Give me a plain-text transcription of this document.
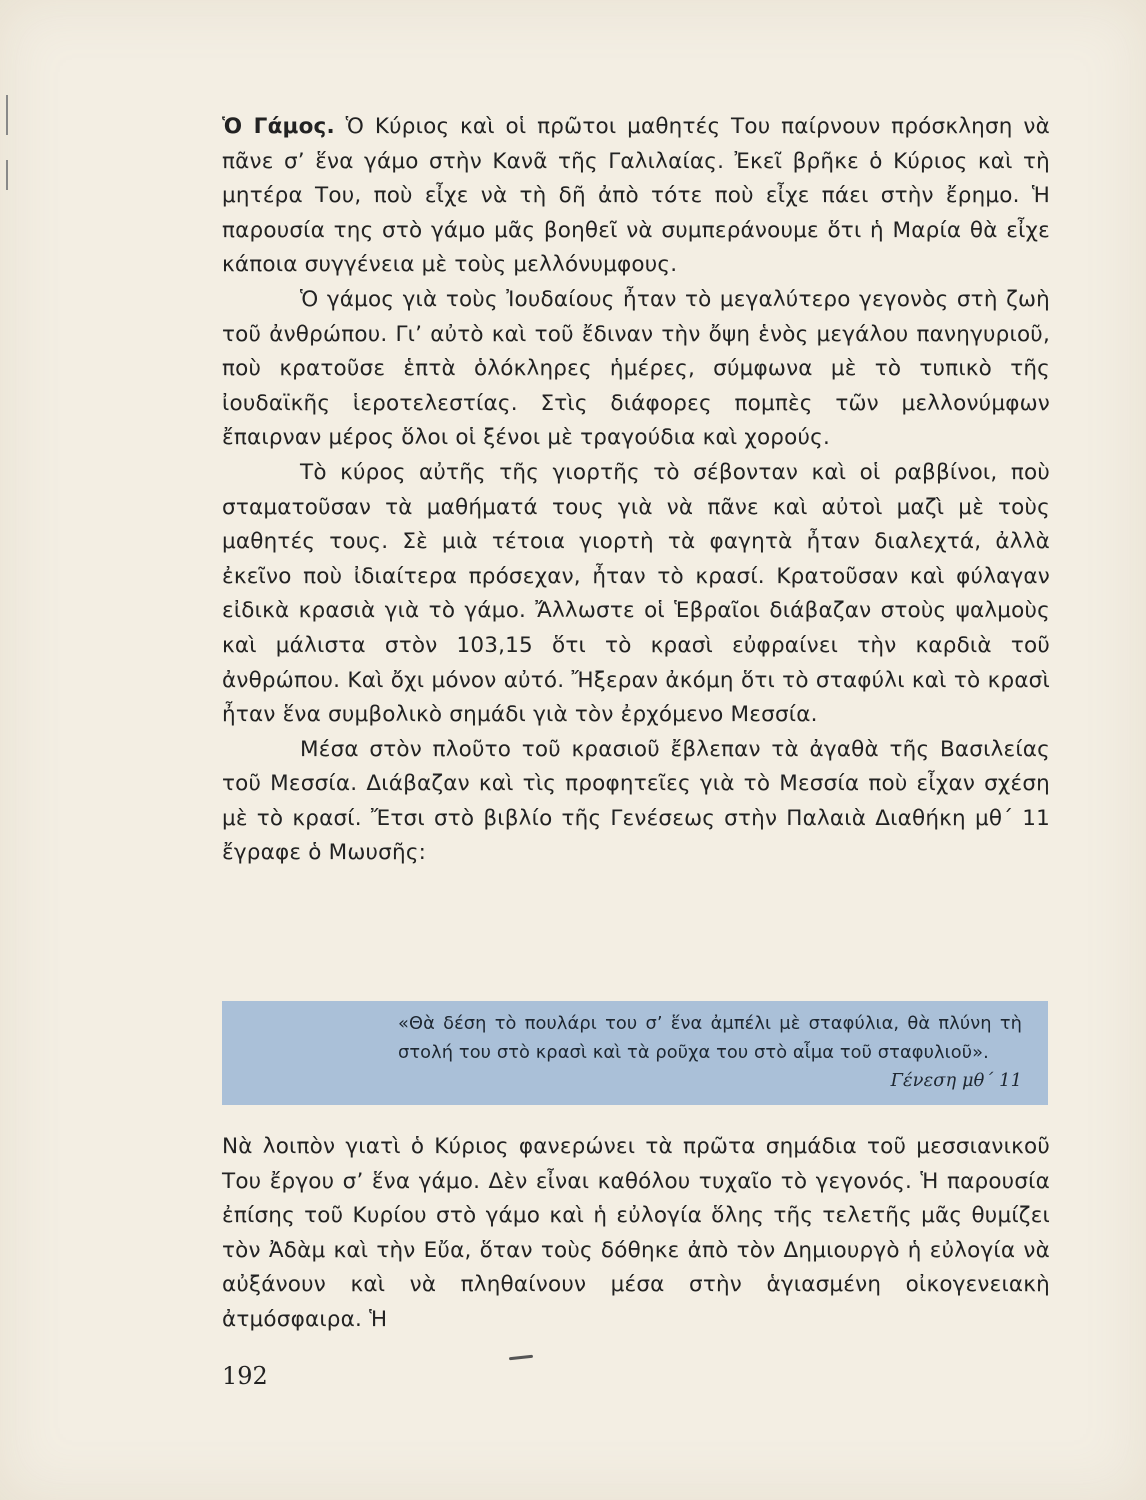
Ὁ Γάμος. Ὁ Κύριος καὶ οἱ πρῶτοι μαθητές Του παίρνουν πρόσκληση νὰ πᾶνε σ’ ἕνα γάμο στὴν Κανᾶ τῆς Γαλιλαίας. Ἐκεῖ βρῆκε ὁ Κύριος καὶ τὴ μητέρα Του, ποὺ εἶχε νὰ τὴ δῆ ἀπὸ τότε ποὺ εἶχε πάει στὴν ἔρημο. Ἡ παρουσία της στὸ γάμο μᾶς βοηθεῖ νὰ συμπεράνουμε ὅτι ἡ Μαρία θὰ εἶχε κάποια συγγένεια μὲ τοὺς μελλόνυμφους.

Ὁ γάμος γιὰ τοὺς Ἰουδαίους ἦταν τὸ μεγαλύτερο γεγονὸς στὴ ζωὴ τοῦ ἀνθρώπου. Γι’ αὐτὸ καὶ τοῦ ἔδιναν τὴν ὄψη ἑνὸς μεγάλου πανηγυριοῦ, ποὺ κρατοῦσε ἑπτὰ ὁλόκληρες ἡμέρες, σύμφωνα μὲ τὸ τυπικὸ τῆς ἰουδαϊκῆς ἱεροτελεστίας. Στὶς διάφορες πομπὲς τῶν μελλονύμφων ἔπαιρναν μέρος ὅλοι οἱ ξένοι μὲ τραγούδια καὶ χορούς.

Τὸ κύρος αὐτῆς τῆς γιορτῆς τὸ σέβονταν καὶ οἱ ραββίνοι, ποὺ σταματοῦσαν τὰ μαθήματά τους γιὰ νὰ πᾶνε καὶ αὐτοὶ μαζὶ μὲ τοὺς μαθητές τους. Σὲ μιὰ τέτοια γιορτὴ τὰ φαγητὰ ἦταν διαλεχτά, ἀλλὰ ἐκεῖνο ποὺ ἰδιαίτερα πρόσεχαν, ἦταν τὸ κρασί. Κρατοῦσαν καὶ φύλαγαν εἰδικὰ κρασιὰ γιὰ τὸ γάμο. Ἄλλωστε οἱ Ἑβραῖοι διάβαζαν στοὺς ψαλμοὺς καὶ μάλιστα στὸν 103,15 ὅτι τὸ κρασὶ εὐφραίνει τὴν καρδιὰ τοῦ ἀνθρώπου. Καὶ ὄχι μόνον αὐτό. Ἤξεραν ἀκόμη ὅτι τὸ σταφύλι καὶ τὸ κρασὶ ἦταν ἕνα συμβολικὸ σημάδι γιὰ τὸν ἐρχόμενο Μεσσία.

Μέσα στὸν πλοῦτο τοῦ κρασιοῦ ἔβλεπαν τὰ ἀγαθὰ τῆς Βασιλείας τοῦ Μεσσία. Διάβαζαν καὶ τὶς προφητεῖες γιὰ τὸ Μεσσία ποὺ εἶχαν σχέση μὲ τὸ κρασί. Ἔτσι στὸ βιβλίο τῆς Γενέσεως στὴν Παλαιὰ Διαθήκη μθ΄ 11 ἔγραφε ὁ Μωυσῆς:

«Θὰ δέση τὸ πουλάρι του σ’ ἕνα ἀμπέλι μὲ σταφύλια, θὰ πλύνη τὴ στολή του στὸ κρασὶ καὶ τὰ ροῦχα του στὸ αἷμα τοῦ σταφυλιοῦ».
Γένεση μθ΄ 11

Νὰ λοιπὸν γιατὶ ὁ Κύριος φανερώνει τὰ πρῶτα σημάδια τοῦ μεσσιανικοῦ Του ἔργου σ’ ἕνα γάμο. Δὲν εἶναι καθόλου τυχαῖο τὸ γεγονός. Ἡ παρουσία ἐπίσης τοῦ Κυρίου στὸ γάμο καὶ ἡ εὐλογία ὅλης τῆς τελετῆς μᾶς θυμίζει τὸν Ἀδὰμ καὶ τὴν Εὔα, ὅταν τοὺς δόθηκε ἀπὸ τὸν Δημιουργὸ ἡ εὐλογία νὰ αὐξάνουν καὶ νὰ πληθαίνουν μέσα στὴν ἁγιασμένη οἰκογενειακὴ ἀτμόσφαιρα. Ἡ

192
